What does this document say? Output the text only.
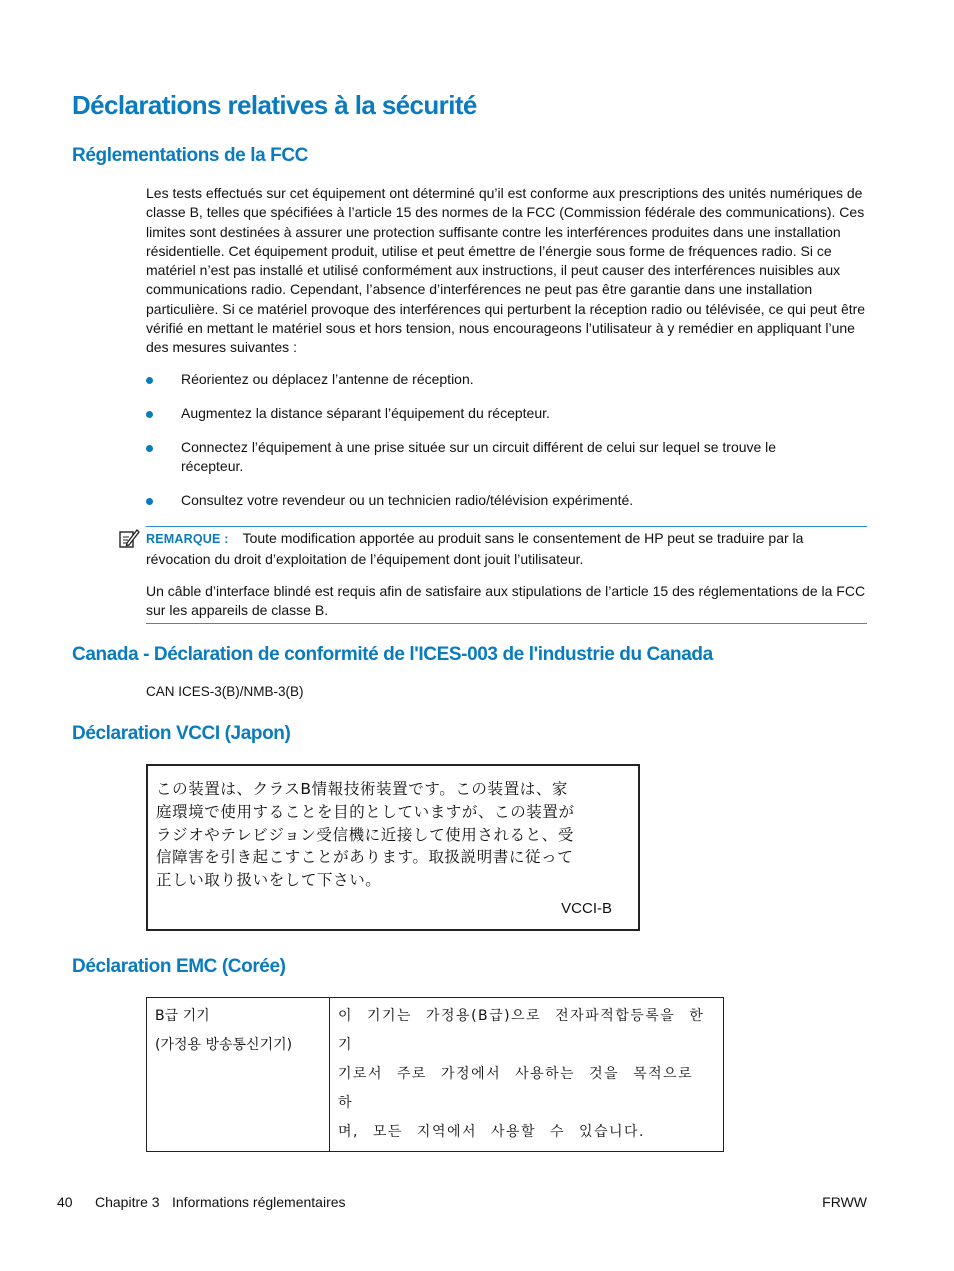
Déclarations relatives à la sécurité
Réglementations de la FCC

Les tests effectués sur cet équipement ont déterminé qu’il est conforme aux prescriptions des unités numériques de classe B, telles que spécifiées à l’article 15 des normes de la FCC (Commission fédérale des communications). Ces limites sont destinées à assurer une protection suffisante contre les interférences produites dans une installation résidentielle. Cet équipement produit, utilise et peut émettre de l’énergie sous forme de fréquences radio. Si ce matériel n’est pas installé et utilisé conformément aux instructions, il peut causer des interférences nuisibles aux communications radio. Cependant, l’absence d’interférences ne peut pas être garantie dans une installation particulière. Si ce matériel provoque des interférences qui perturbent la réception radio ou télévisée, ce qui peut être vérifié en mettant le matériel sous et hors tension, nous encourageons l’utilisateur à y remédier en appliquant l’une des mesures suivantes :

Réorientez ou déplacez l’antenne de réception.
Augmentez la distance séparant l’équipement du récepteur.
Connectez l’équipement à une prise située sur un circuit différent de celui sur lequel se trouve le récepteur.
Consultez votre revendeur ou un technicien radio/télévision expérimenté.

REMARQUE : Toute modification apportée au produit sans le consentement de HP peut se traduire par la révocation du droit d’exploitation de l’équipement dont jouit l’utilisateur.

Un câble d’interface blindé est requis afin de satisfaire aux stipulations de l’article 15 des réglementations de la FCC sur les appareils de classe B.

Canada - Déclaration de conformité de l'ICES-003 de l'industrie du Canada

CAN ICES-3(B)/NMB-3(B)

Déclaration VCCI (Japon)
この装置は、クラスB情報技術装置です。この装置は、家
庭環境で使用することを目的としていますが、この装置が
ラジオやテレビジョン受信機に近接して使用されると、受
信障害を引き起こすことがあります。取扱説明書に従って
正しい取り扱いをして下さい。
VCCI-B
Déclaration EMC (Corée)
B급 기기
(가정용 방송통신기기)

이 기기는 가정용(B급)으로 전자파적합등록을 한 기
기로서 주로 가정에서 사용하는 것을 목적으로 하
며, 모든 지역에서 사용할 수 있습니다.
40 Chapitre 3 Informations réglementaires	FRWW
